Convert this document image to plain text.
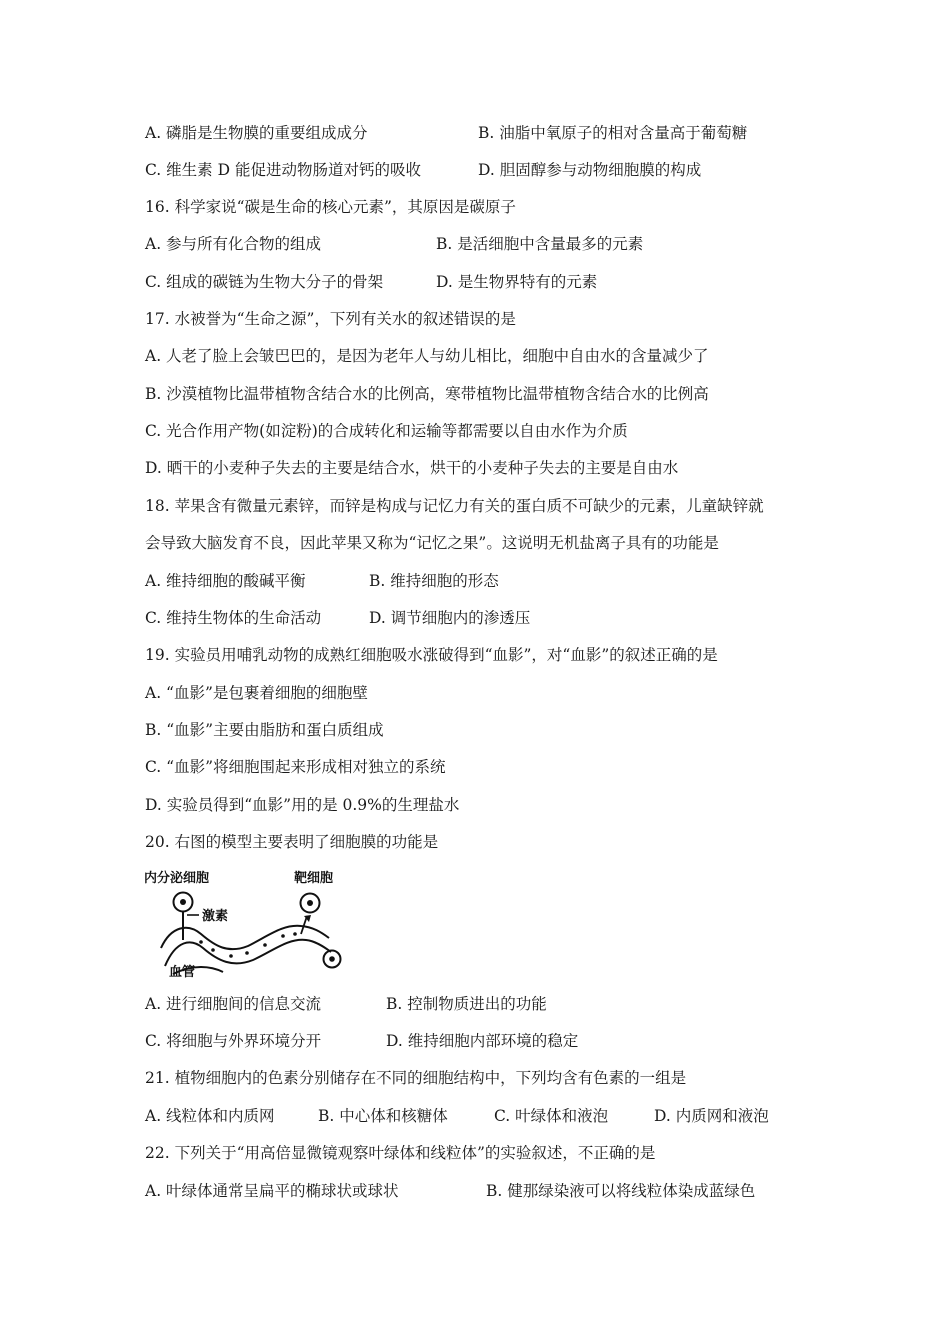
A. 磷脂是生物膜的重要组成成分	B. 油脂中氧原子的相对含量高于葡萄糖
C. 维生素 D 能促进动物肠道对钙的吸收	D. 胆固醇参与动物细胞膜的构成
16. 科学家说“碳是生命的核心元素”，其原因是碳原子
A. 参与所有化合物的组成	B. 是活细胞中含量最多的元素
C. 组成的碳链为生物大分子的骨架	D. 是生物界特有的元素
17. 水被誉为“生命之源”，下列有关水的叙述错误的是
A. 人老了脸上会皱巴巴的，是因为老年人与幼儿相比，细胞中自由水的含量减少了
B. 沙漠植物比温带植物含结合水的比例高，寒带植物比温带植物含结合水的比例高
C. 光合作用产物(如淀粉)的合成转化和运输等都需要以自由水作为介质
D. 晒干的小麦种子失去的主要是结合水，烘干的小麦种子失去的主要是自由水
18. 苹果含有微量元素锌，而锌是构成与记忆力有关的蛋白质不可缺少的元素，儿童缺锌就
会导致大脑发育不良，因此苹果又称为“记忆之果”。这说明无机盐离子具有的功能是
A. 维持细胞的酸碱平衡	B. 维持细胞的形态
C. 维持生物体的生命活动	D. 调节细胞内的渗透压
19. 实验员用哺乳动物的成熟红细胞吸水涨破得到“血影”，对“血影”的叙述正确的是
A. “血影”是包裹着细胞的细胞壁
B. “血影”主要由脂肪和蛋白质组成
C. “血影”将细胞围起来形成相对独立的系统
D. 实验员得到“血影”用的是 0.9%的生理盐水
20. 右图的模型主要表明了细胞膜的功能是
内分泌细胞	靶细胞
激素
血管
A. 进行细胞间的信息交流	B. 控制物质进出的功能
C. 将细胞与外界环境分开	D. 维持细胞内部环境的稳定
21. 植物细胞内的色素分别储存在不同的细胞结构中，下列均含有色素的一组是
A. 线粒体和内质网	B. 中心体和核糖体	C. 叶绿体和液泡	D. 内质网和液泡
22. 下列关于“用高倍显微镜观察叶绿体和线粒体”的实验叙述，不正确的是
A. 叶绿体通常呈扁平的椭球状或球状	B. 健那绿染液可以将线粒体染成蓝绿色
